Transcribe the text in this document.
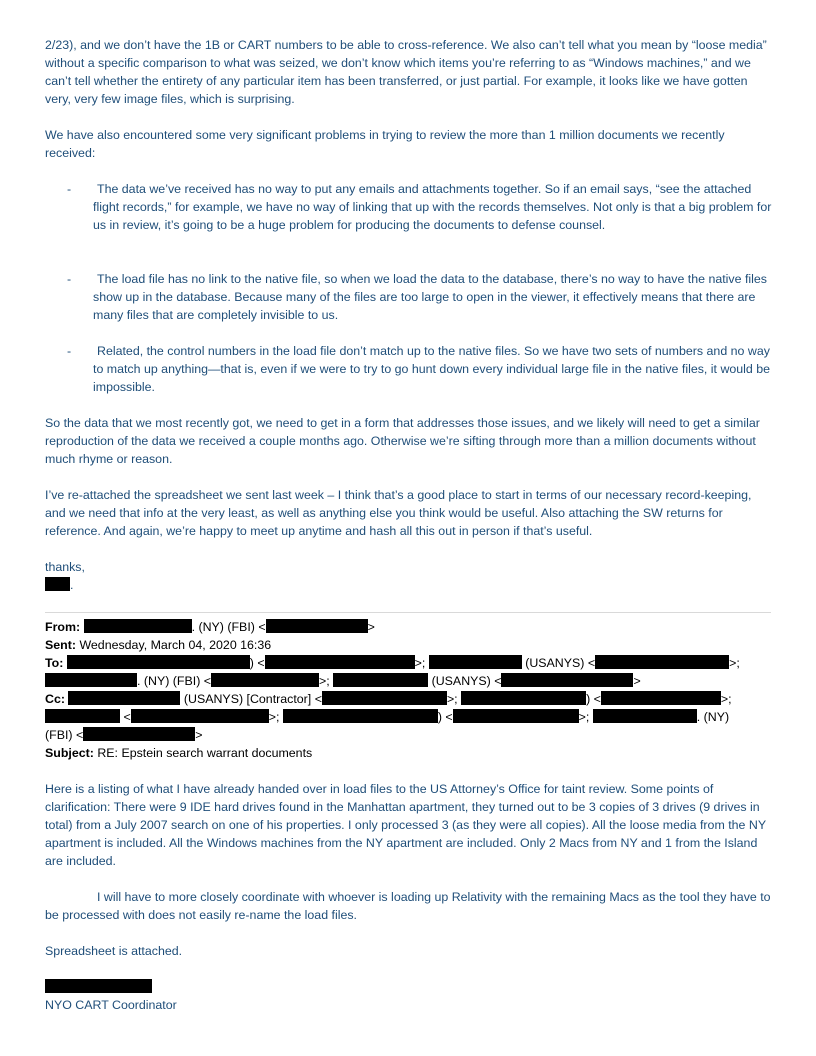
2/23), and we don’t have the 1B or CART numbers to be able to cross-reference. We also can’t tell what you mean by “loose media” without a specific comparison to what was seized, we don’t know which items you’re referring to as “Windows machines,” and we can’t tell whether the entirety of any particular item has been transferred, or just partial. For example, it looks like we have gotten very, very few image files, which is surprising.

We have also encountered some very significant problems in trying to review the more than 1 million documents we recently received:

-	The data we’ve received has no way to put any emails and attachments together. So if an email says, “see the attached flight records,” for example, we have no way of linking that up with the records themselves. Not only is that a big problem for us in review, it’s going to be a huge problem for producing the documents to defense counsel.
-	The load file has no link to the native file, so when we load the data to the database, there’s no way to have the native files show up in the database. Because many of the files are too large to open in the viewer, it effectively means that there are many files that are completely invisible to us.
-	Related, the control numbers in the load file don’t match up to the native files. So we have two sets of numbers and no way to match up anything—that is, even if we were to try to go hunt down every individual large file in the native files, it would be impossible.

So the data that we most recently got, we need to get in a form that addresses those issues, and we likely will need to get a similar reproduction of the data we received a couple months ago. Otherwise we’re sifting through more than a million documents without much rhyme or reason.

I’ve re-attached the spreadsheet we sent last week – I think that’s a good place to start in terms of our necessary record-keeping, and we need that info at the very least, as well as anything else you think would be useful. Also attaching the SW returns for reference. And again, we’re happy to meet up anytime and hash all this out in person if that’s useful.

thanks,
.
From:	. (NY) (FBI) <	>
Sent: Wednesday, March 04, 2020 16:36
To:	) <	>;	(USANYS) <	>;
. (NY) (FBI) <	>;	(USANYS) <	>
Cc:	(USANYS) [Contractor] <	>;	) <	>;
<	>;	) <	>;	. (NY)
(FBI) <	>
Subject: RE: Epstein search warrant documents

Here is a listing of what I have already handed over in load files to the US Attorney’s Office for taint review. Some points of clarification: There were 9 IDE hard drives found in the Manhattan apartment, they turned out to be 3 copies of 3 drives (9 drives in total) from a July 2007 search on one of his properties. I only processed 3 (as they were all copies). All the loose media from the NY apartment is included. All the Windows machines from the NY apartment are included. Only 2 Macs from NY and 1 from the Island are included.

I will have to more closely coordinate with whoever is loading up Relativity with the remaining Macs as the tool they have to be processed with does not easily re-name the load files.

Spreadsheet is attached.

NYO CART Coordinator
